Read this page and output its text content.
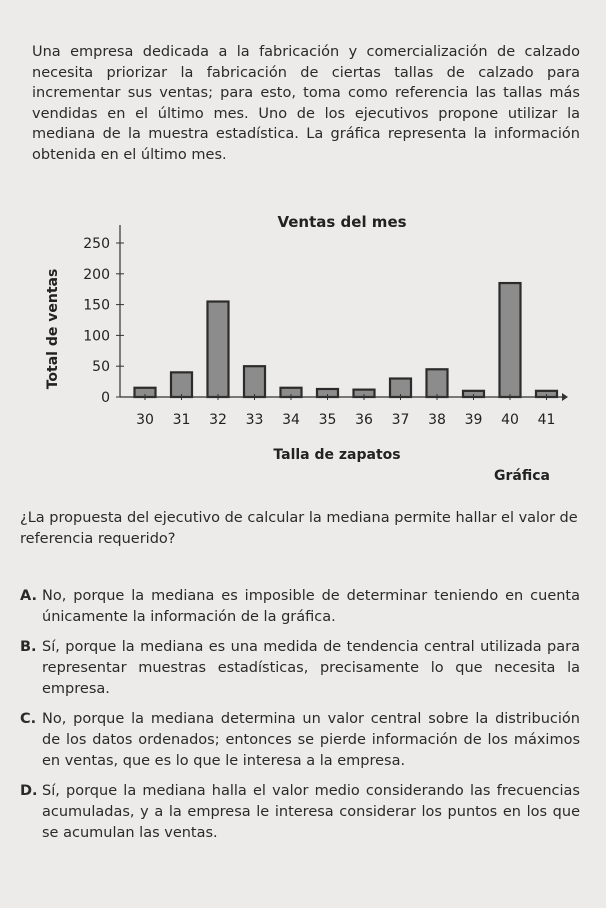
Una empresa dedicada a la fabricación y comercialización de calzado necesita priorizar la fabricación de ciertas tallas de calzado para incrementar sus ventas; para esto, toma como referencia las tallas más vendidas en el último mes. Uno de los ejecutivos propone utilizar la mediana de la muestra estadística. La gráfica representa la información obtenida en el último mes.

Ventas del mes
Total de ventas
0
50
100
150
200
250
30 31 32 33 34 35 36 37 38 39 40 41
Talla de zapatos
Gráfica

¿La propuesta del ejecutivo de calcular la mediana permite hallar el valor de referencia requerido?

A. No, porque la mediana es imposible de determinar teniendo en cuenta únicamente la información de la gráfica.
B. Sí, porque la mediana es una medida de tendencia central utilizada para representar muestras estadísticas, precisamente lo que necesita la empresa.
C. No, porque la mediana determina un valor central sobre la distribución de los datos ordenados; entonces se pierde información de los máximos en ventas, que es lo que le interesa a la empresa.
D. Sí, porque la mediana halla el valor medio considerando las frecuencias acumuladas, y a la empresa le interesa considerar los puntos en los que se acumulan las ventas.
